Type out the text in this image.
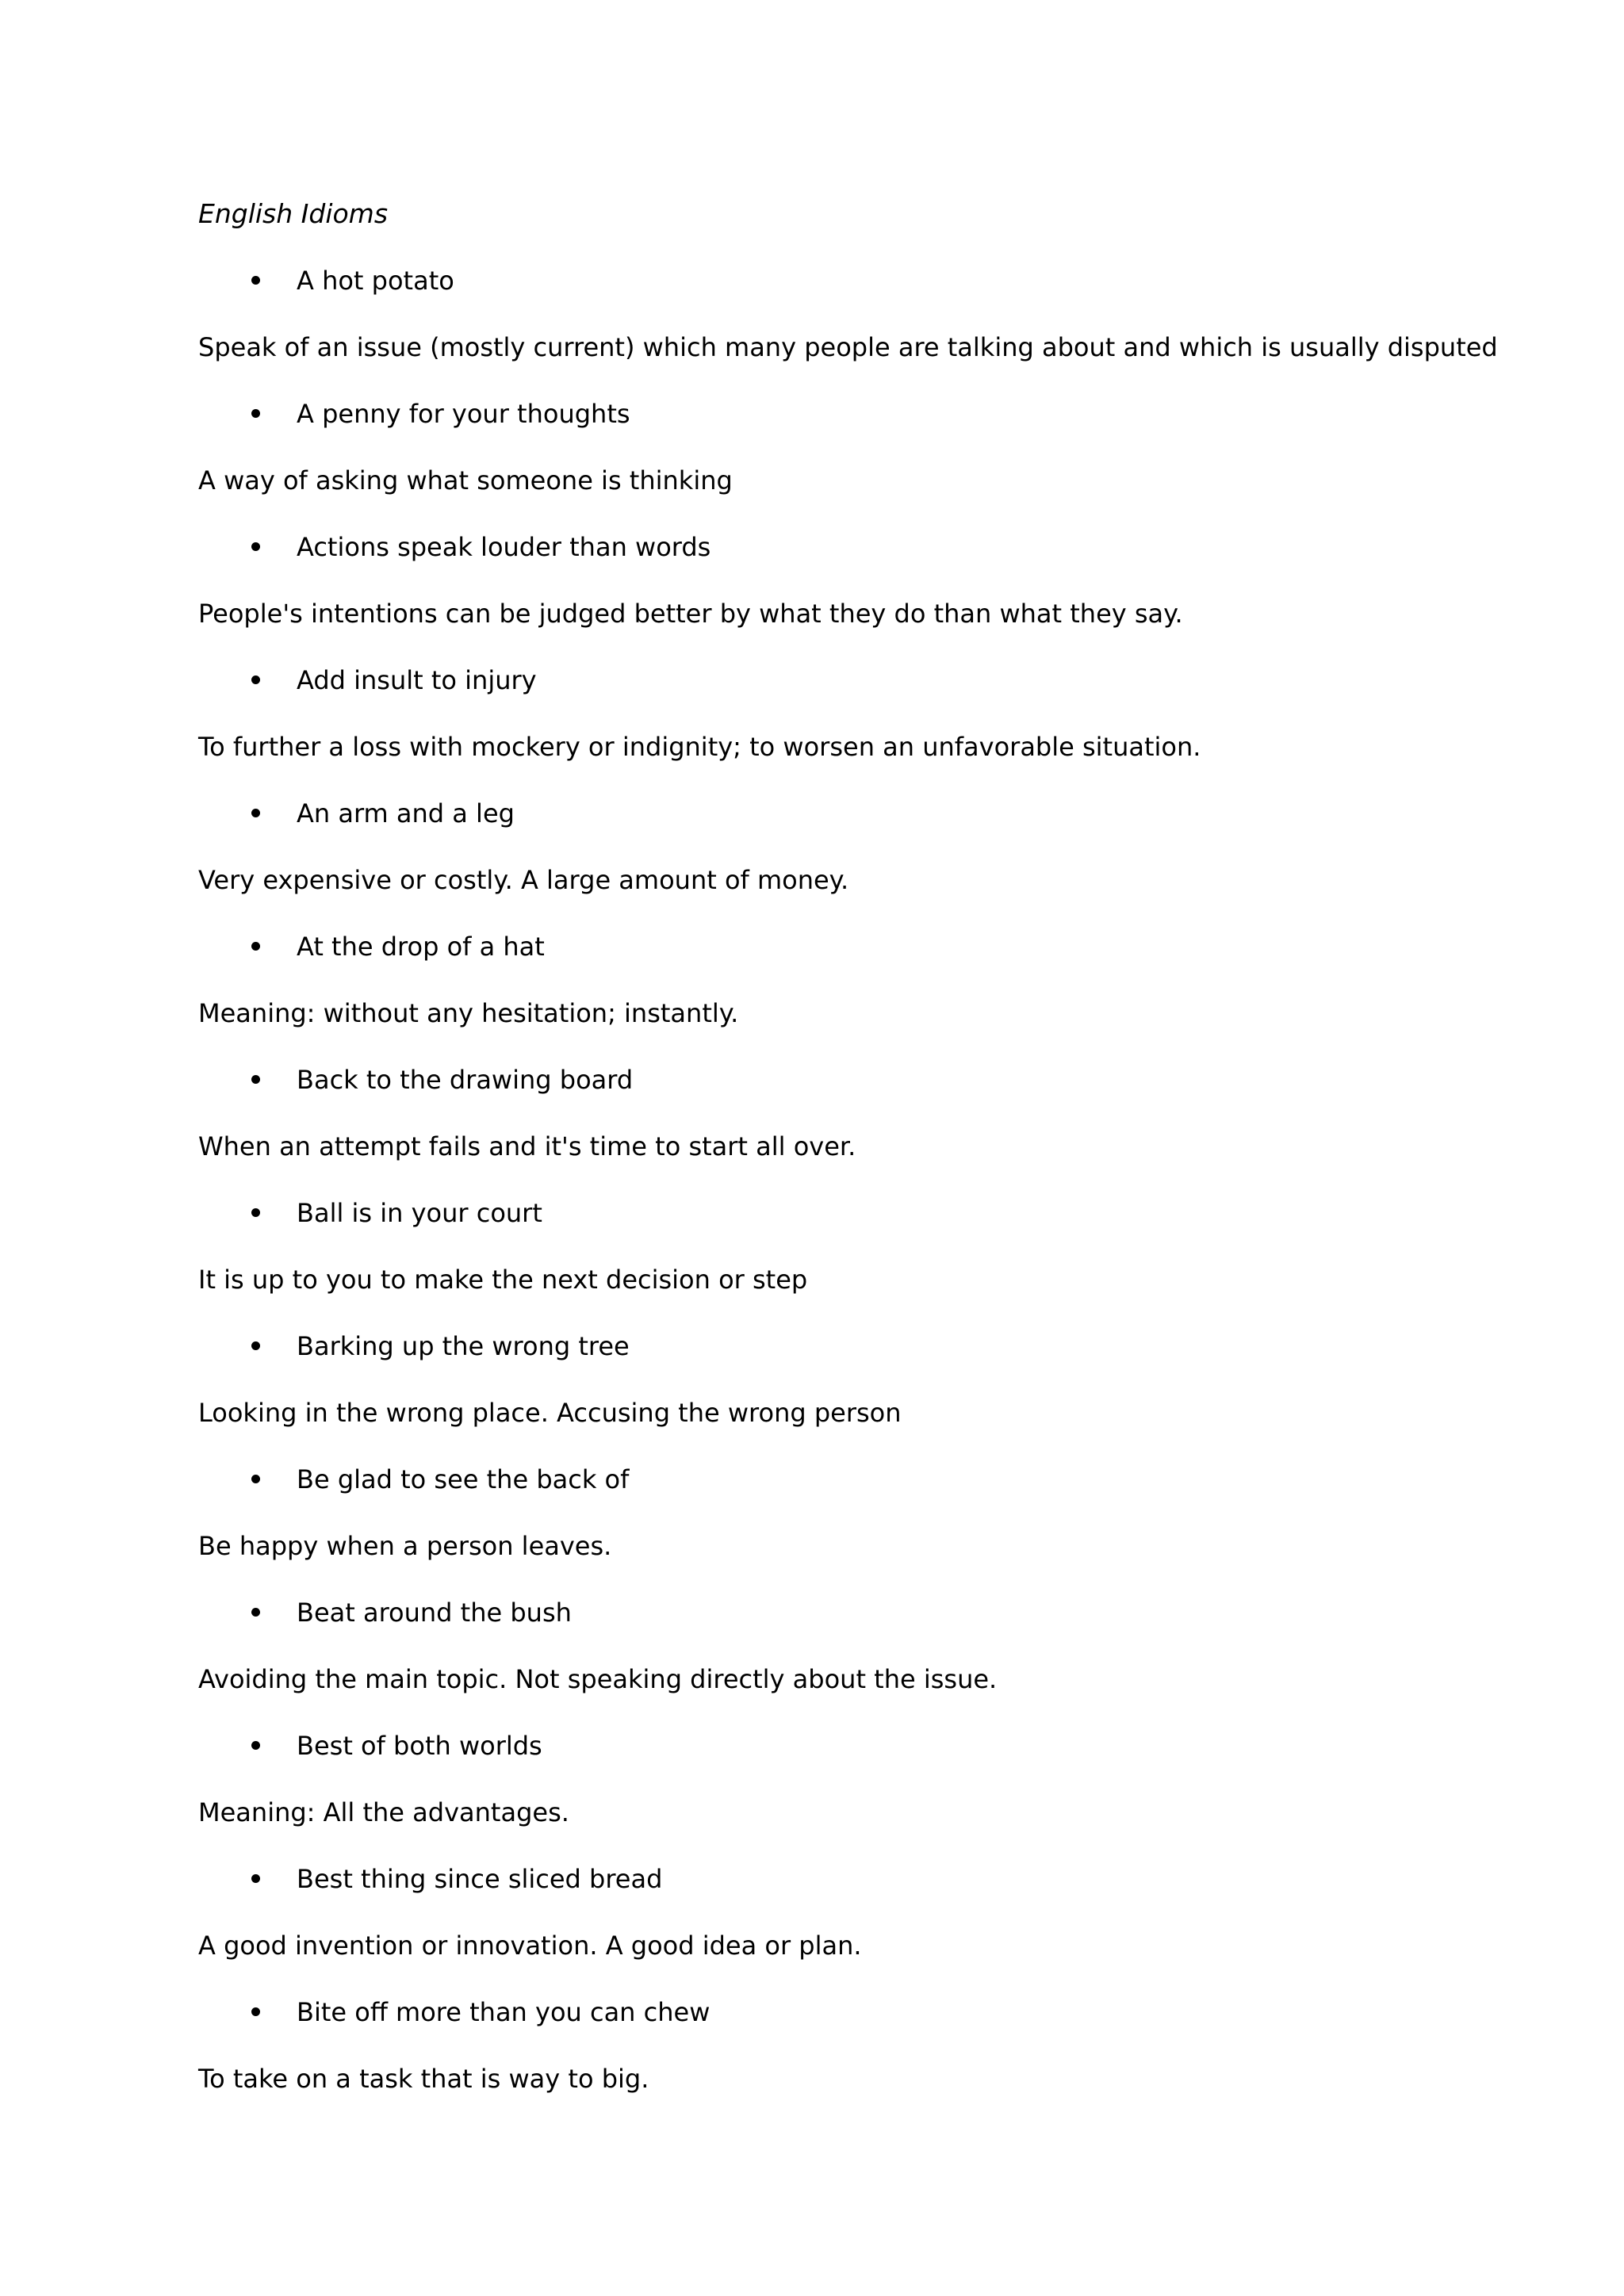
English Idioms
A hot potato
Speak of an issue (mostly current) which many people are talking about and which is usually disputed
A penny for your thoughts
A way of asking what someone is thinking
Actions speak louder than words
People's intentions can be judged better by what they do than what they say.
Add insult to injury
To further a loss with mockery or indignity; to worsen an unfavorable situation.
An arm and a leg
Very expensive or costly. A large amount of money.
At the drop of a hat
Meaning: without any hesitation; instantly.
Back to the drawing board
When an attempt fails and it's time to start all over.
Ball is in your court
It is up to you to make the next decision or step
Barking up the wrong tree
Looking in the wrong place. Accusing the wrong person
Be glad to see the back of
Be happy when a person leaves.
Beat around the bush
Avoiding the main topic. Not speaking directly about the issue.
Best of both worlds
Meaning: All the advantages.
Best thing since sliced bread
A good invention or innovation. A good idea or plan.
Bite off more than you can chew
To take on a task that is way to big.
